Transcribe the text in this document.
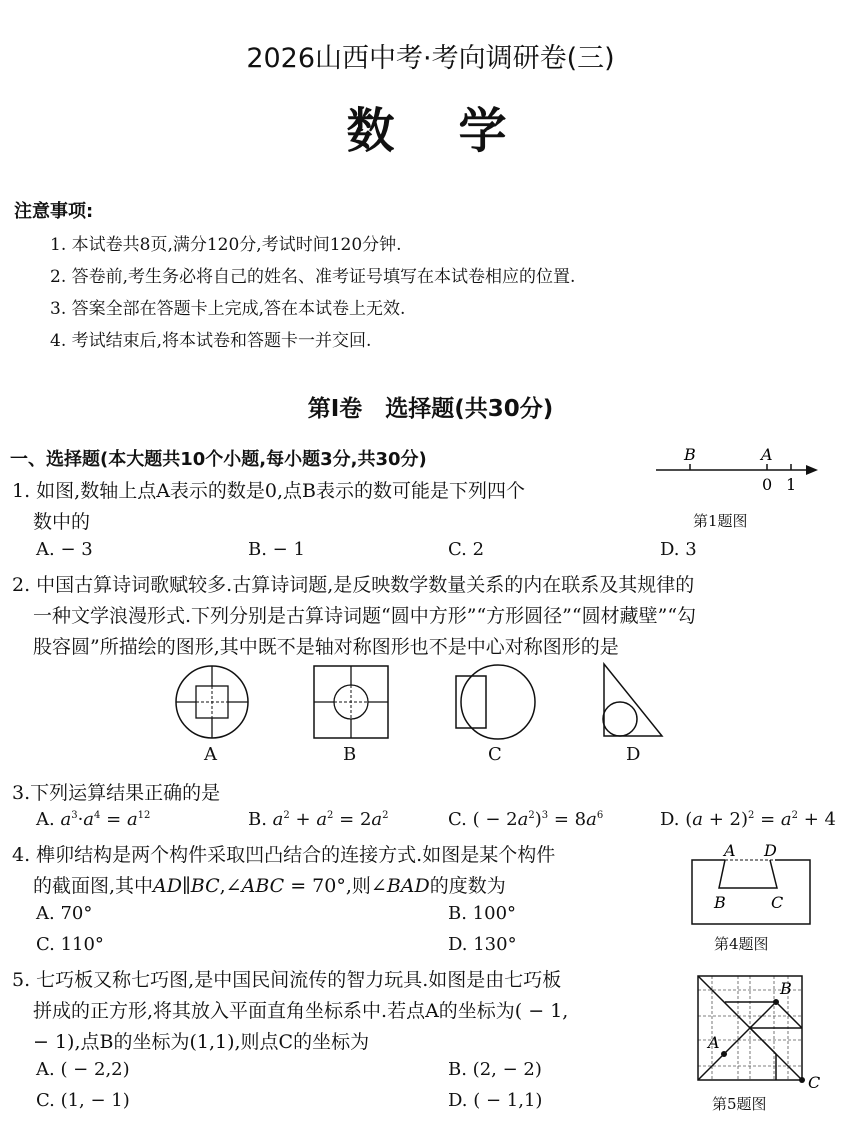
2026山西中考·考向调研卷(三)
数　学
注意事项:
1. 本试卷共8页,满分120分,考试时间120分钟.
2. 答卷前,考生务必将自己的姓名、准考证号填写在本试卷相应的位置.
3. 答案全部在答题卡上完成,答在本试卷上无效.
4. 考试结束后,将本试卷和答题卡一并交回.
第Ⅰ卷　选择题(共30分)
一、选择题(本大题共10个小题,每小题3分,共30分)
1. 如图,数轴上点A表示的数是0,点B表示的数可能是下列四个
数中的
A. − 3	B. − 1	C. 2	D. 3
B	A
0 1
第1题图
2. 中国古算诗词歌赋较多.古算诗词题,是反映数学数量关系的内在联系及其规律的
一种文学浪漫形式.下列分别是古算诗词题“圆中方形”“方形圆径”“圆材藏壁”“勾
股容圆”所描绘的图形,其中既不是轴对称图形也不是中心对称图形的是
A	B	C	D
3.下列运算结果正确的是
A. $a^3\cdot a^4 = a^{12}$	B. $a^2 + a^2 = 2a^2$	C. ( − $2a^2)^3 = 8a^6$	D. $(a + 2)^2 = a^2 + 4$
4. 榫卯结构是两个构件采取凹凸结合的连接方式.如图是某个构件
的截面图,其中AD∥BC,∠ABC = 70°,则∠BAD的度数为
A. 70°	B. 100°
C. 110°	D. 130°
A D
B	C
第4题图
5. 七巧板又称七巧图,是中国民间流传的智力玩具.如图是由七巧板
拼成的正方形,将其放入平面直角坐标系中.若点A的坐标为( − 1,
− 1),点B的坐标为(1,1),则点C的坐标为
A. ( − 2,2)	B. (2, − 2)
C. (1, − 1)	D. ( − 1,1)
A
B
C
第5题图
